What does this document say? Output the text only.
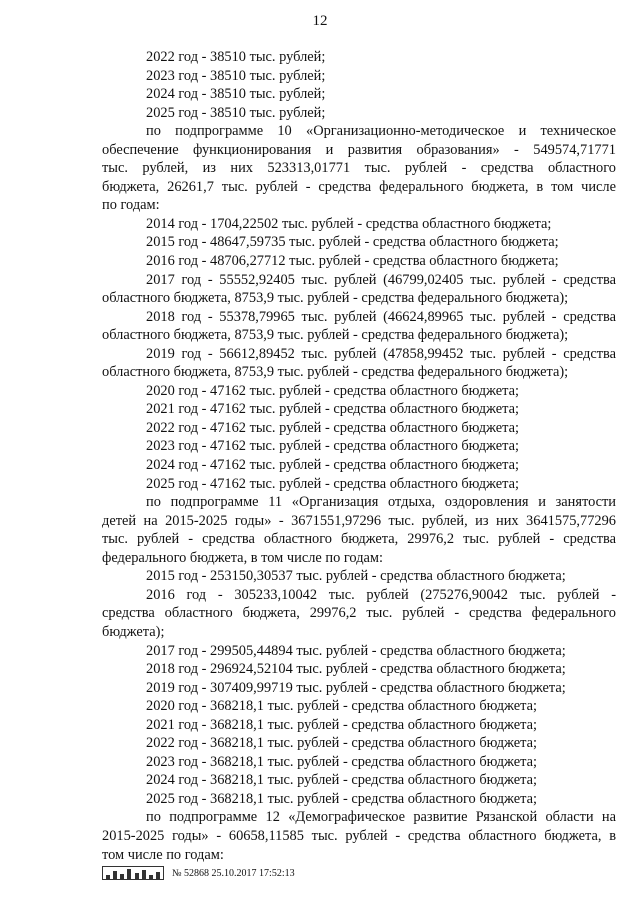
12
2022 год - 38510 тыс. рублей;
2023 год - 38510 тыс. рублей;
2024 год - 38510 тыс. рублей;
2025 год - 38510 тыс. рублей;
по подпрограмме 10 «Организационно-методическое и техническое
обеспечение функционирования и развития образования» - 549574,71771
тыс. рублей, из них 523313,01771 тыс. рублей - средства областного
бюджета, 26261,7 тыс. рублей - средства федерального бюджета, в том числе
по годам:
2014 год - 1704,22502 тыс. рублей - средства областного бюджета;
2015 год - 48647,59735 тыс. рублей - средства областного бюджета;
2016 год - 48706,27712 тыс. рублей - средства областного бюджета;
2017 год - 55552,92405 тыс. рублей (46799,02405 тыс. рублей - средства
областного бюджета, 8753,9 тыс. рублей - средства федерального бюджета);
2018 год - 55378,79965 тыс. рублей (46624,89965 тыс. рублей - средства
областного бюджета, 8753,9 тыс. рублей - средства федерального бюджета);
2019 год - 56612,89452 тыс. рублей (47858,99452 тыс. рублей - средства
областного бюджета, 8753,9 тыс. рублей - средства федерального бюджета);
2020 год - 47162 тыс. рублей - средства областного бюджета;
2021 год - 47162 тыс. рублей - средства областного бюджета;
2022 год - 47162 тыс. рублей - средства областного бюджета;
2023 год - 47162 тыс. рублей - средства областного бюджета;
2024 год - 47162 тыс. рублей - средства областного бюджета;
2025 год - 47162 тыс. рублей - средства областного бюджета;
по подпрограмме 11 «Организация отдыха, оздоровления и занятости
детей на 2015-2025 годы» - 3671551,97296 тыс. рублей, из них 3641575,77296
тыс. рублей - средства областного бюджета, 29976,2 тыс. рублей - средства
федерального бюджета, в том числе по годам:
2015 год - 253150,30537 тыс. рублей - средства областного бюджета;
2016 год - 305233,10042 тыс. рублей (275276,90042 тыс. рублей -
средства областного бюджета, 29976,2 тыс. рублей - средства федерального
бюджета);
2017 год - 299505,44894 тыс. рублей - средства областного бюджета;
2018 год - 296924,52104 тыс. рублей - средства областного бюджета;
2019 год - 307409,99719 тыс. рублей - средства областного бюджета;
2020 год - 368218,1 тыс. рублей - средства областного бюджета;
2021 год - 368218,1 тыс. рублей - средства областного бюджета;
2022 год - 368218,1 тыс. рублей - средства областного бюджета;
2023 год - 368218,1 тыс. рублей - средства областного бюджета;
2024 год - 368218,1 тыс. рублей - средства областного бюджета;
2025 год - 368218,1 тыс. рублей - средства областного бюджета;
по подпрограмме 12 «Демографическое развитие Рязанской области на
2015-2025 годы» - 60658,11585 тыс. рублей - средства областного бюджета, в
том числе по годам:
№ 52868 25.10.2017 17:52:13
